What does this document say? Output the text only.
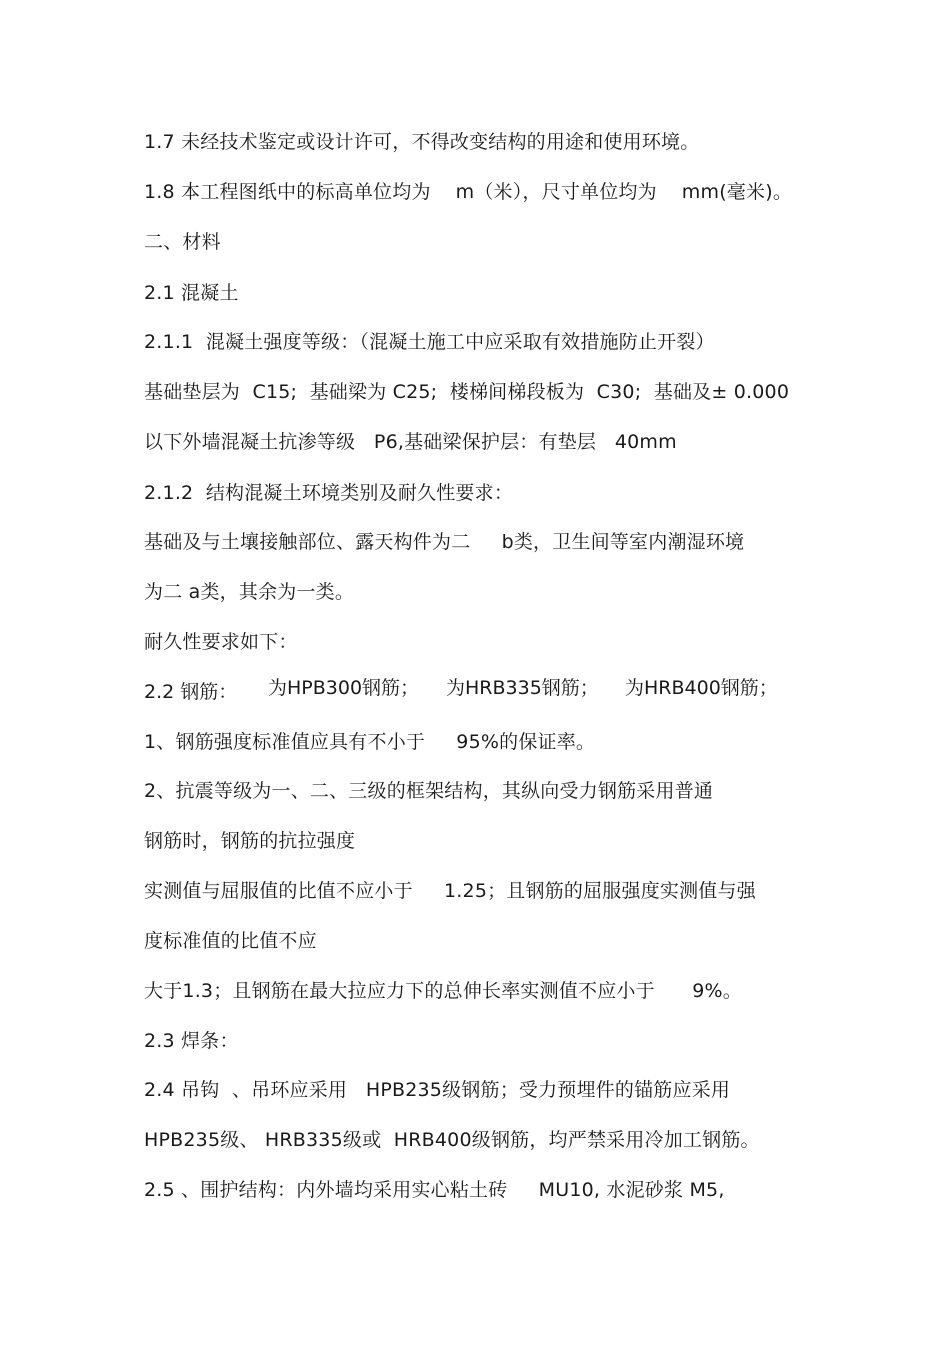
1.7 未经技术鉴定或设计许可，不得改变结构的用途和使用环境。
1.8 本工程图纸中的标高单位均为    m（米），尺寸单位均为    mm(毫米)。
二、材料
2.1 混凝土
2.1.1  混凝土强度等级：（混凝土施工中应采取有效措施防止开裂）
基础垫层为  C15;  基础梁为 C25;  楼梯间梯段板为  C30;  基础及± 0.000
以下外墙混凝土抗渗等级   P6,基础梁保护层：有垫层   40mm
2.1.2  结构混凝土环境类别及耐久性要求：
基础及与土壤接触部位、露天构件为二     b类，卫生间等室内潮湿环境
为二 a类，其余为一类。
耐久性要求如下：
2.2 钢筋： 为HPB300钢筋； 为HRB335钢筋； 为HRB400钢筋；
1、钢筋强度标准值应具有不小于     95%的保证率。
2、抗震等级为一、二、三级的框架结构，其纵向受力钢筋采用普通
钢筋时，钢筋的抗拉强度
实测值与屈服值的比值不应小于     1.25；且钢筋的屈服强度实测值与强
度标准值的比值不应
大于1.3；且钢筋在最大拉应力下的总伸长率实测值不应小于      9%。
2.3 焊条：
2.4 吊钩  、吊环应采用   HPB235级钢筋；受力预埋件的锚筋应采用
HPB235级、 HRB335级或  HRB400级钢筋，均严禁采用冷加工钢筋。
2.5 、围护结构：内外墙均采用实心粘土砖     MU10, 水泥砂浆 M5,
